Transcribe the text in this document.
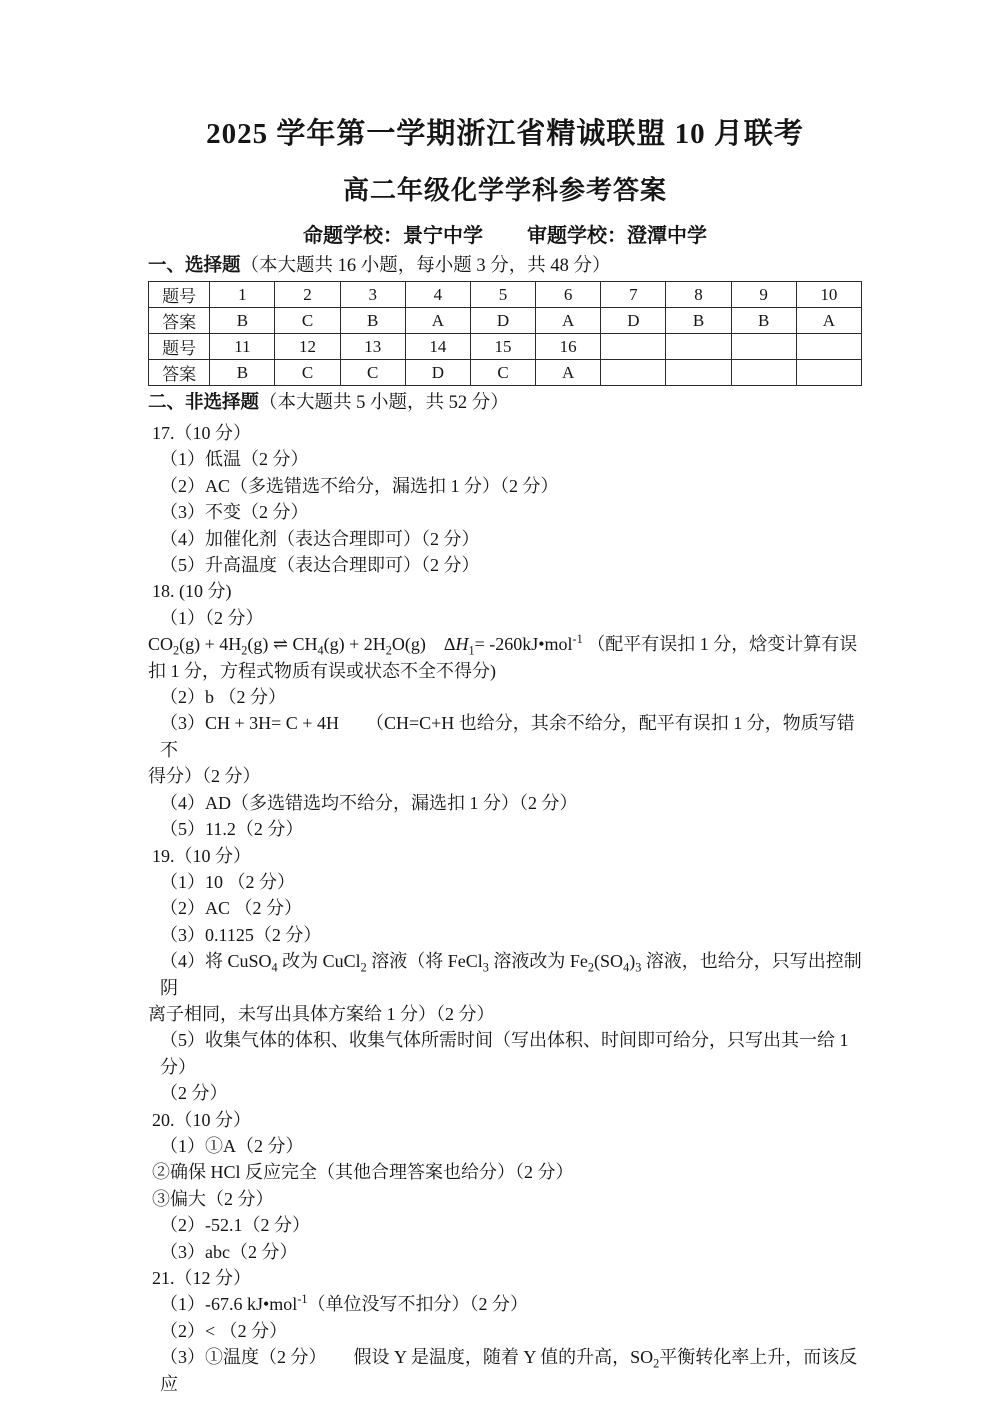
2025 学年第一学期浙江省精诚联盟 10 月联考
高二年级化学学科参考答案
命题学校：景宁中学 审题学校：澄潭中学
一、选择题（本大题共 16 小题，每小题 3 分，共 48 分）
题号	1	2	3	4	5	6	7	8	9	10
答案	B	C	B	A	D	A	D	B	B	A
题号	11	12	13	14	15	16				
答案	B	C	C	D	C	A				
二、非选择题（本大题共 5 小题，共 52 分）
17.（10 分）
（1）低温（2 分）
（2）AC（多选错选不给分，漏选扣 1 分）（2 分）
（3）不变（2 分）
（4）加催化剂（表达合理即可）（2 分）
（5）升高温度（表达合理即可）（2 分）
18. (10 分)
（1）（2 分）
$CO_2(g) + 4H_2(g)$ ⇌ $CH_4(g) + 2H_2O(g)$　$\Delta H_1=$ -260kJ•mol$^{-1}$ （配平有误扣 1 分，焓变计算有误
扣 1 分，方程式物质有误或状态不全不得分)
（2）b （2 分）
（3）CH + 3H= C + 4H　　（CH=C+H 也给分，其余不给分，配平有误扣 1 分，物质写错不
得分）（2 分）
（4）AD（多选错选均不给分，漏选扣 1 分）（2 分）
（5）11.2（2 分）
19.（10 分）
（1）10 （2 分）
（2）AC （2 分）
（3）0.1125（2 分）
（4）将 CuSO$_4$ 改为 CuCl$_2$ 溶液（将 FeCl$_3$ 溶液改为 $Fe_2(SO_4)_3$ 溶液，也给分，只写出控制阴
离子相同，未写出具体方案给 1 分）（2 分）
（5）收集气体的体积、收集气体所需时间（写出体积、时间即可给分，只写出其一给 1 分）
（2 分）
20.（10 分）
（1）①A（2 分）
②确保 HCl 反应完全（其他合理答案也给分）（2 分）
③偏大（2 分）
（2）-52.1（2 分）
（3）abc（2 分）
21.（12 分）
（1）-67.6 kJ•mol$^{-1}$（单位没写不扣分）（2 分）
（2）< （2 分）
（3）①温度（2 分）　　假设 Y 是温度，随着 Y 值的升高，$SO_2$平衡转化率上升，而该反应
